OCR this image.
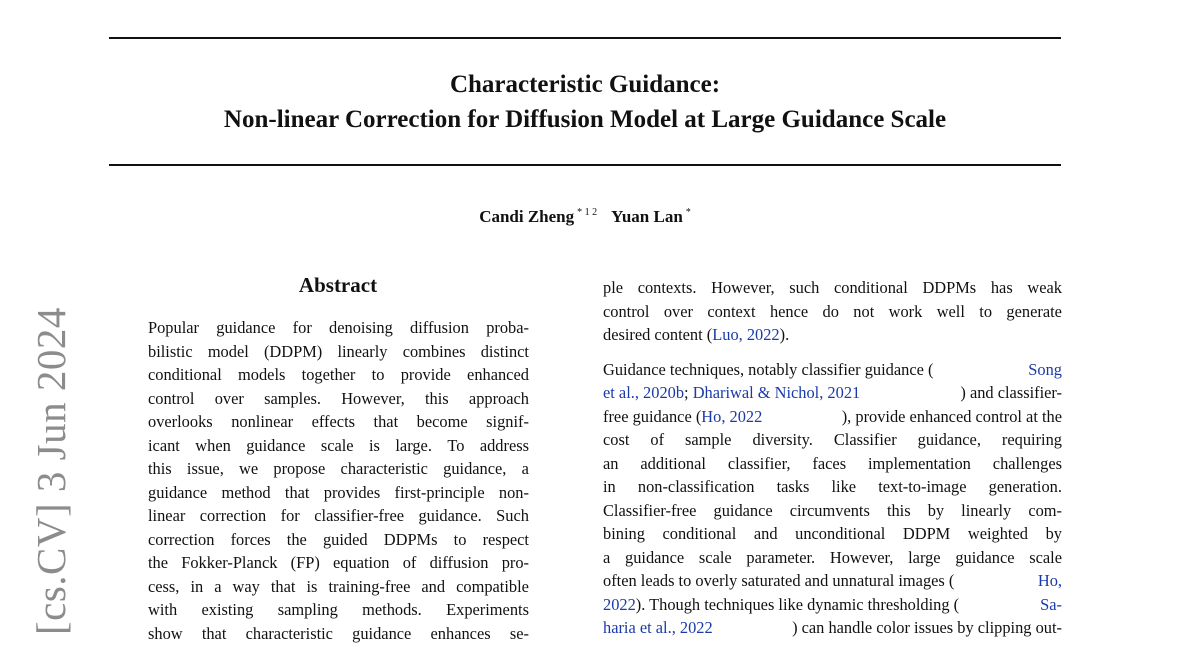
Characteristic Guidance:
Non-linear Correction for Diffusion Model at Large Guidance Scale
Candi Zheng $^{* 1 2}$ Yuan Lan *
[cs.CV] 3 Jun 2024
Abstract
Popular guidance for denoising diffusion proba-
bilistic model (DDPM) linearly combines distinct
conditional models together to provide enhanced
control over samples. However, this approach
overlooks nonlinear effects that become signif-
icant when guidance scale is large. To address
this issue, we propose characteristic guidance, a
guidance method that provides first-principle non-
linear correction for classifier-free guidance. Such
correction forces the guided DDPMs to respect
the Fokker-Planck (FP) equation of diffusion pro-
cess, in a way that is training-free and compatible
with existing sampling methods. Experiments
show that characteristic guidance enhances se-
ple contexts. However, such conditional DDPMs has weak
control over context hence do not work well to generate
desired content ( Luo, 2022 ).
Guidance techniques, notably classifier guidance (	Song
et al., 2020b; Dhariwal & Nichol, 2021	) and classifier-
free guidance (Ho, 2022	), provide enhanced control at the
cost of sample diversity. Classifier guidance, requiring
an additional classifier, faces implementation challenges
in non-classification tasks like text-to-image generation.
Classifier-free guidance circumvents this by linearly com-
bining conditional and unconditional DDPM weighted by
a guidance scale parameter. However, large guidance scale
often leads to overly saturated and unnatural images (	Ho,
2022). Though techniques like dynamic thresholding (	Sa-
haria et al., 2022	) can handle color issues by clipping out-
